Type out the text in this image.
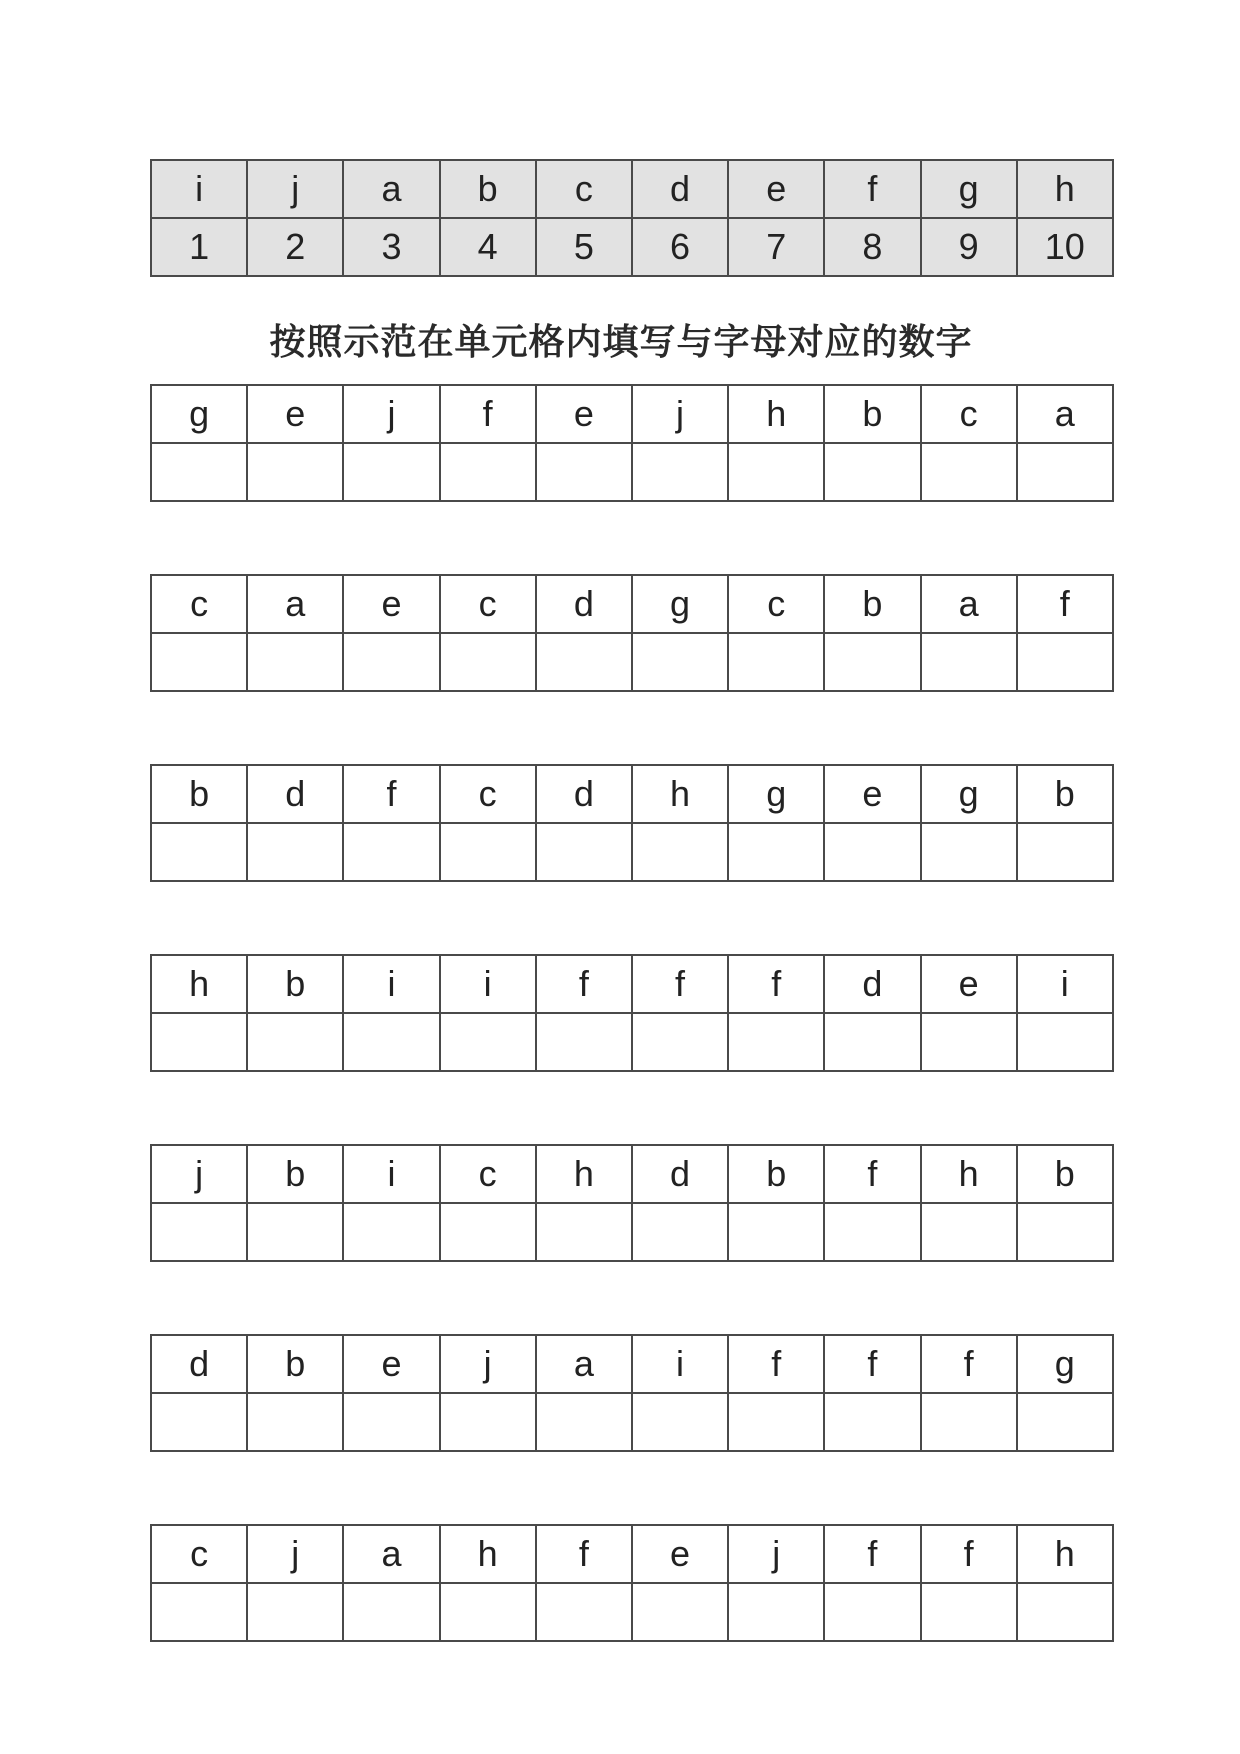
i	j	a	b	c	d	e	f	g	h
1	2	3	4	5	6	7	8	9	10
按照示范在单元格内填写与字母对应的数字
g	e	j	f	e	j	h	b	c	a

c	a	e	c	d	g	c	b	a	f

b	d	f	c	d	h	g	e	g	b

h	b	i	i	f	f	f	d	e	i

j	b	i	c	h	d	b	f	h	b

d	b	e	j	a	i	f	f	f	g

c	j	a	h	f	e	j	f	f	h
